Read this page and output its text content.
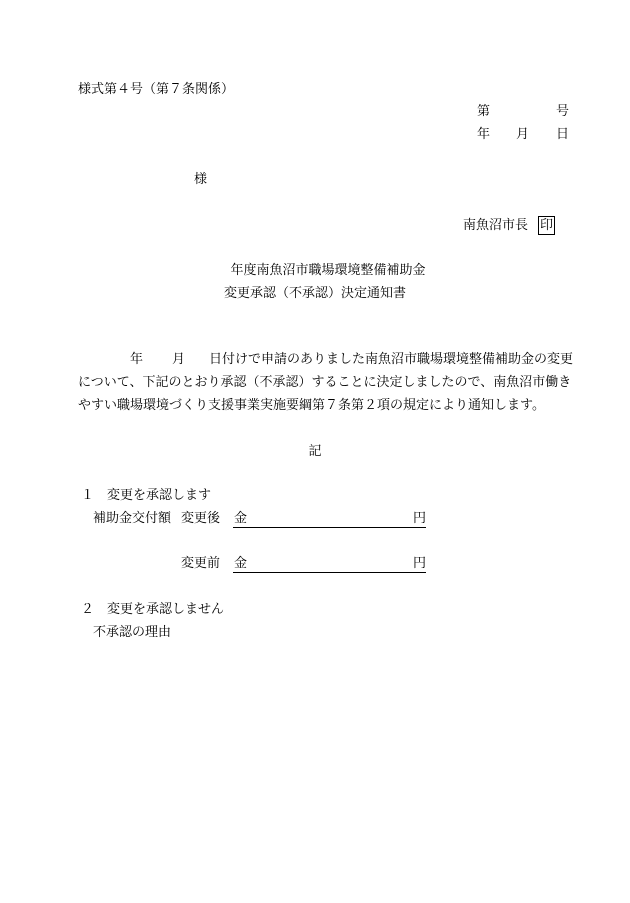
様式第４号（第７条関係）
第	号
年 月 日
様
南魚沼市長 印
年度南魚沼市職場環境整備補助金
変更承認（不承認）決定通知書
年 月 日付けで申請のありました南魚沼市職場環境整備補助金の変更
について、下記のとおり承認（不承認）することに決定しましたので、南魚沼市働き
やすい職場環境づくり支援事業実施要綱第７条第２項の規定により通知します。
記
１　変更を承認します
補助金交付額 変更後 金	円
変更前 金	円
２　変更を承認しません
不承認の理由
